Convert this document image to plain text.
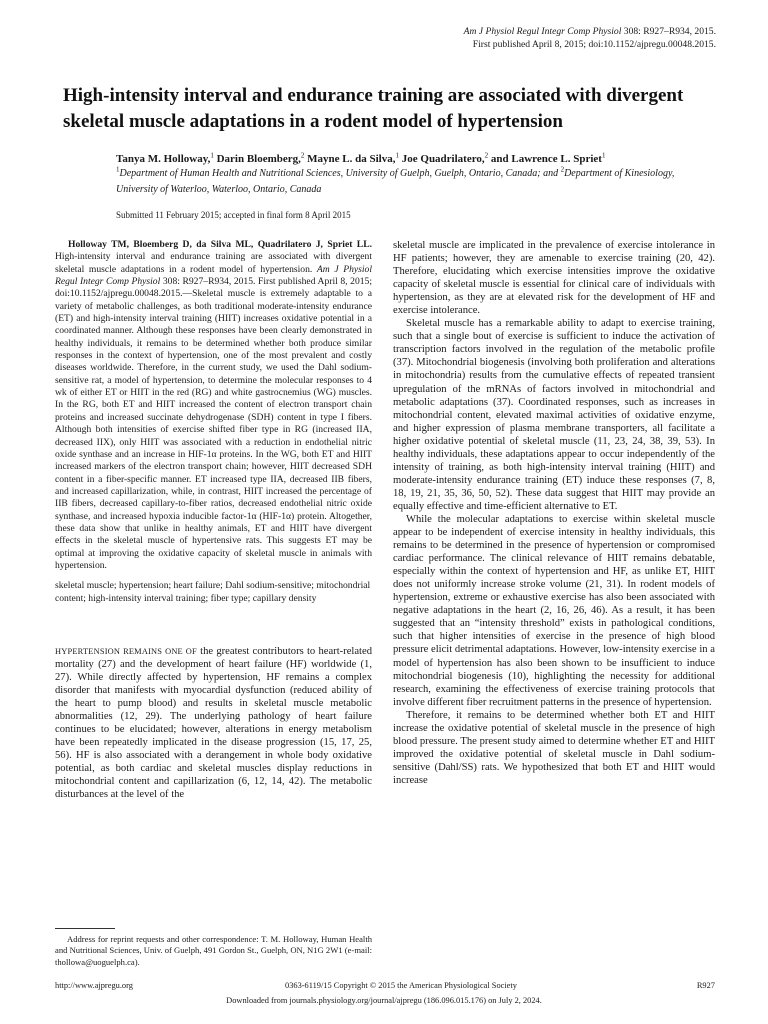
Am J Physiol Regul Integr Comp Physiol 308: R927–R934, 2015.
First published April 8, 2015; doi:10.1152/ajpregu.00048.2015.
High-intensity interval and endurance training are associated with divergent skeletal muscle adaptations in a rodent model of hypertension
Tanya M. Holloway,$^1$ Darin Bloemberg,$^2$ Mayne L. da Silva,$^1$ Joe Quadrilatero,$^2$ and Lawrence L. Spriet$^1$
$^1$Department of Human Health and Nutritional Sciences, University of Guelph, Guelph, Ontario, Canada; and $^2$Department of Kinesiology, University of Waterloo, Waterloo, Ontario, Canada
Submitted 11 February 2015; accepted in final form 8 April 2015

Holloway TM, Bloemberg D, da Silva ML, Quadrilatero J, Spriet LL. High-intensity interval and endurance training are associated with divergent skeletal muscle adaptations in a rodent model of hypertension. Am J Physiol Regul Integr Comp Physiol 308: R927–R934, 2015. First published April 8, 2015; doi:10.1152/ajpregu.00048.2015.—Skeletal muscle is extremely adaptable to a variety of metabolic challenges, as both traditional moderate-intensity endurance (ET) and high-intensity interval training (HIIT) increases oxidative potential in a coordinated manner. Although these responses have been clearly demonstrated in healthy individuals, it remains to be determined whether both produce similar responses in the context of hypertension, one of the most prevalent and costly diseases worldwide. Therefore, in the current study, we used the Dahl sodium-sensitive rat, a model of hypertension, to determine the molecular responses to 4 wk of either ET or HIIT in the red (RG) and white gastrocnemius (WG) muscles. In the RG, both ET and HIIT increased the content of electron transport chain proteins and increased succinate dehydrogenase (SDH) content in type I fibers. Although both intensities of exercise shifted fiber type in RG (increased IIA, decreased IIX), only HIIT was associated with a reduction in endothelial nitric oxide synthase and an increase in HIF-1α proteins. In the WG, both ET and HIIT increased markers of the electron transport chain; however, HIIT decreased SDH content in a fiber-specific manner. ET increased type IIA, decreased IIB fibers, and increased capillarization, while, in contrast, HIIT increased the percentage of IIB fibers, decreased capillary-to-fiber ratios, decreased endothelial nitric oxide synthase, and increased hypoxia inducible factor-1α (HIF-1α) protein. Altogether, these data show that unlike in healthy animals, ET and HIIT have divergent effects in the skeletal muscle of hypertensive rats. This suggests ET may be optimal at improving the oxidative capacity of skeletal muscle in animals with hypertension.

skeletal muscle; hypertension; heart failure; Dahl sodium-sensitive; mitochondrial content; high-intensity interval training; fiber type; capillary density

HYPERTENSION REMAINS ONE OF the greatest contributors to heart-related mortality (27) and the development of heart failure (HF) worldwide (1, 27). While directly affected by hypertension, HF remains a complex disorder that manifests with myocardial dysfunction (reduced ability of the heart to pump blood) and results in skeletal muscle metabolic abnormalities (12, 29). The underlying pathology of heart failure continues to be elucidated; however, alterations in energy metabolism have been repeatedly implicated in the disease progression (15, 17, 25, 56). HF is also associated with a derangement in whole body oxidative potential, as both cardiac and skeletal muscles display reductions in mitochondrial content and capillarization (6, 12, 14, 42). The metabolic disturbances at the level of the

skeletal muscle are implicated in the prevalence of exercise intolerance in HF patients; however, they are amenable to exercise training (20, 42). Therefore, elucidating which exercise intensities improve the oxidative capacity of skeletal muscle is essential for clinical care of individuals with hypertension, as they are at elevated risk for the development of HF and exercise intolerance.

Skeletal muscle has a remarkable ability to adapt to exercise training, such that a single bout of exercise is sufficient to induce the activation of transcription factors involved in the regulation of the metabolic profile (37). Mitochondrial biogenesis (involving both proliferation and alterations in mitochondria) results from the cumulative effects of repeated transient upregulation of the mRNAs of factors involved in mitochondrial and metabolic adaptations (37). Coordinated responses, such as increases in mitochondrial content, elevated maximal activities of oxidative enzyme, and higher expression of plasma membrane transporters, all facilitate a higher oxidative potential of skeletal muscle (11, 23, 24, 38, 39, 53). In healthy individuals, these adaptations appear to occur independently of the intensity of training, as both high-intensity interval training (HIIT) and moderate-intensity endurance training (ET) induce these responses (7, 8, 18, 19, 21, 35, 36, 50, 52). These data suggest that HIIT may provide an equally effective and time-efficient alternative to ET.

While the molecular adaptations to exercise within skeletal muscle appear to be independent of exercise intensity in healthy individuals, this remains to be determined in the presence of hypertension or compromised cardiac performance. The clinical relevance of HIIT remains debatable, especially within the context of hypertension and HF, as unlike ET, HIIT does not uniformly increase stroke volume (21, 31). In rodent models of hypertension, extreme or exhaustive exercise has also been associated with negative adaptations in the heart (2, 16, 26, 46). As a result, it has been suggested that an “intensity threshold” exists in pathological conditions, such that higher intensities of exercise in the presence of high blood pressure elicit detrimental adaptations. However, low-intensity exercise in a model of hypertension has also been shown to be insufficient to induce mitochondrial biogenesis (10), highlighting the necessity for additional research, examining the effectiveness of exercise training protocols that involve different fiber recruitment patterns in the presence of hypertension.

Therefore, it remains to be determined whether both ET and HIIT increase the oxidative potential of skeletal muscle in the presence of high blood pressure. The present study aimed to determine whether ET and HIIT improved the oxidative potential of skeletal muscle in Dahl sodium-sensitive (Dahl/SS) rats. We hypothesized that both ET and HIIT would increase

Address for reprint requests and other correspondence: T. M. Holloway, Human Health and Nutritional Sciences, Univ. of Guelph, 491 Gordon St., Guelph, ON, N1G 2W1 (e-mail: thollowa@uoguelph.ca).

http://www.ajpregu.org	0363-6119/15 Copyright © 2015 the American Physiological Society	R927
Downloaded from journals.physiology.org/journal/ajpregu (186.096.015.176) on July 2, 2024.
